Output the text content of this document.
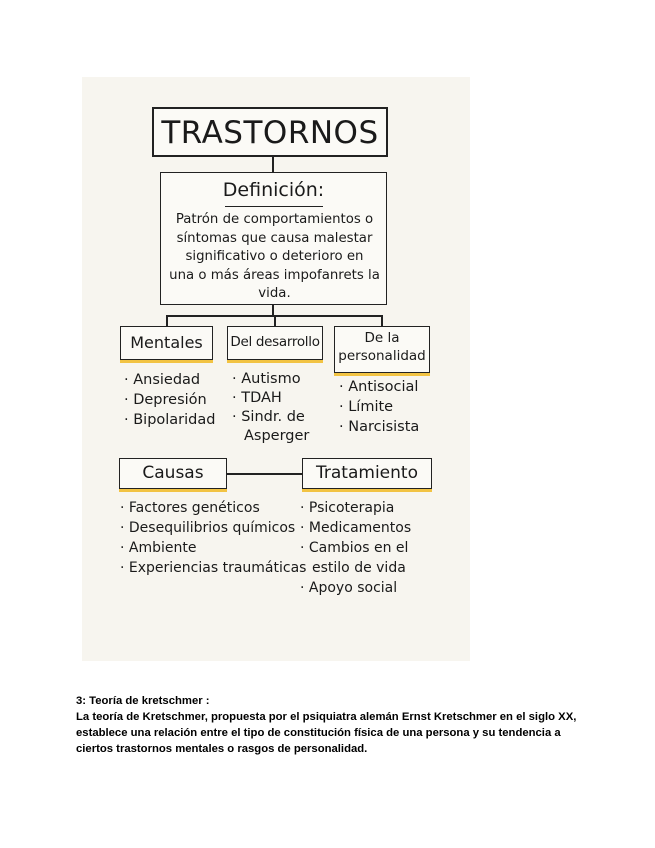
TRASTORNOS
Definición:
Patrón de comportamientos o
síntomas que causa malestar
significativo o deterioro en
una o más áreas impofanrets la
vida.
Mentales	Del desarrollo	De la
personalidad
· Ansiedad
· Depresión
· Bipolaridad
· Autismo
· TDAH
· Sindr. de
Asperger
· Antisocial
· Límite
· Narcisista
Causas
· Factores genéticos
· Desequilibrios químicos
· Ambiente
· Experiencias traumáticas
Tratamiento
· Psicoterapia
· Medicamentos
· Cambios en el
estilo de vida
· Apoyo social
3: Teoría de kretschmer :
La teoría de Kretschmer, propuesta por el psiquiatra alemán Ernst Kretschmer en el siglo XX, establece una relación entre el tipo de constitución física de una persona y su tendencia a ciertos trastornos mentales o rasgos de personalidad.
